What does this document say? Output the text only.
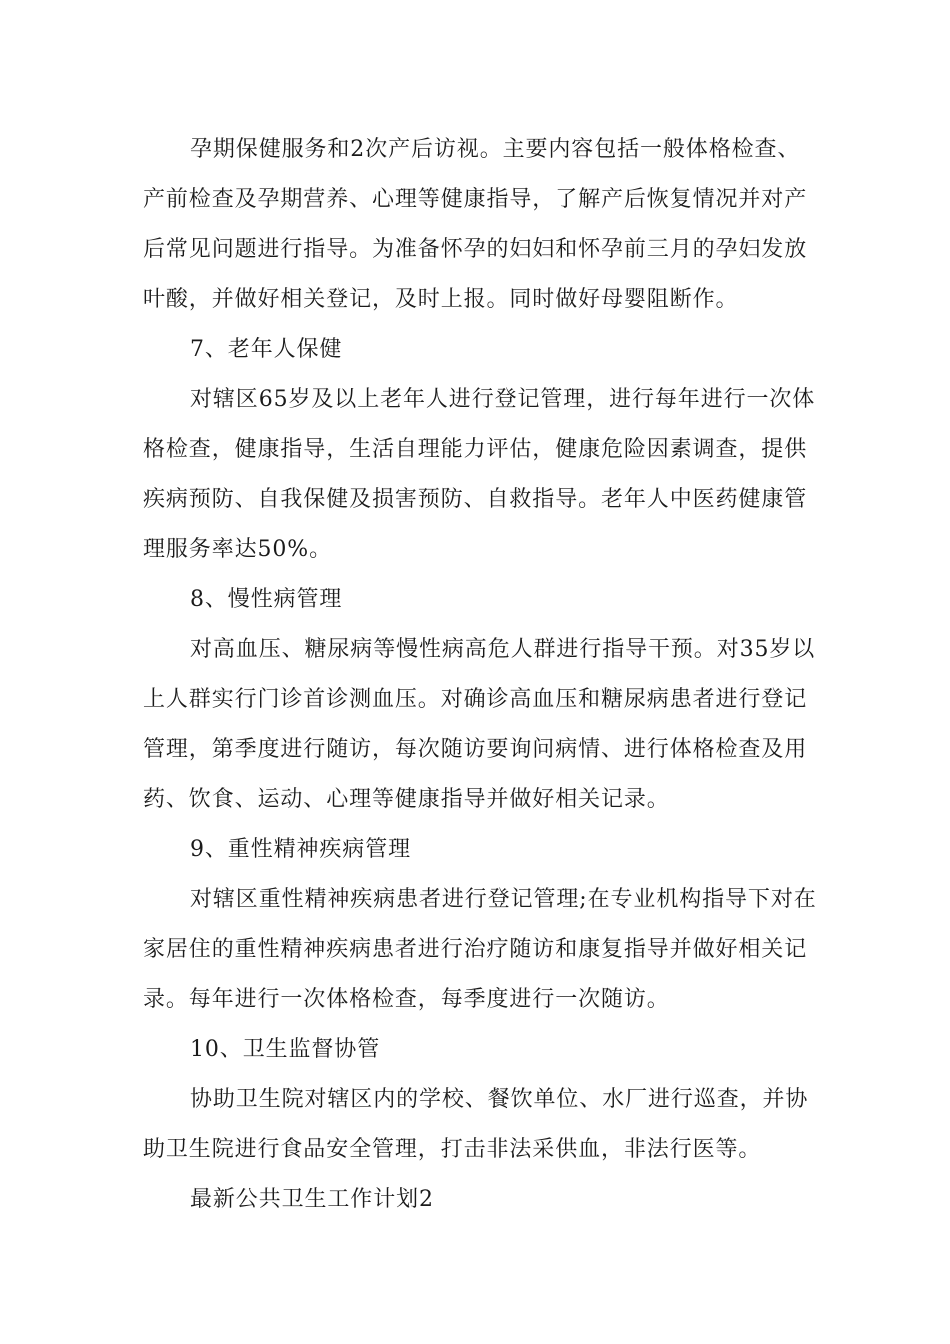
孕期保健服务和2次产后访视。主要内容包括一般体格检查、
产前检查及孕期营养、心理等健康指导，了解产后恢复情况并对产
后常见问题进行指导。为准备怀孕的妇妇和怀孕前三月的孕妇发放
叶酸，并做好相关登记，及时上报。同时做好母婴阻断作。
7、老年人保健
对辖区65岁及以上老年人进行登记管理，进行每年进行一次体
格检查，健康指导，生活自理能力评估，健康危险因素调查，提供
疾病预防、自我保健及损害预防、自救指导。老年人中医药健康管
理服务率达50%。
8、慢性病管理
对高血压、糖尿病等慢性病高危人群进行指导干预。对35岁以
上人群实行门诊首诊测血压。对确诊高血压和糖尿病患者进行登记
管理，第季度进行随访，每次随访要询问病情、进行体格检查及用
药、饮食、运动、心理等健康指导并做好相关记录。
9、重性精神疾病管理
对辖区重性精神疾病患者进行登记管理;在专业机构指导下对在
家居住的重性精神疾病患者进行治疗随访和康复指导并做好相关记
录。每年进行一次体格检查，每季度进行一次随访。
10、卫生监督协管
协助卫生院对辖区内的学校、餐饮单位、水厂进行巡查，并协
助卫生院进行食品安全管理，打击非法采供血，非法行医等。
最新公共卫生工作计划2
